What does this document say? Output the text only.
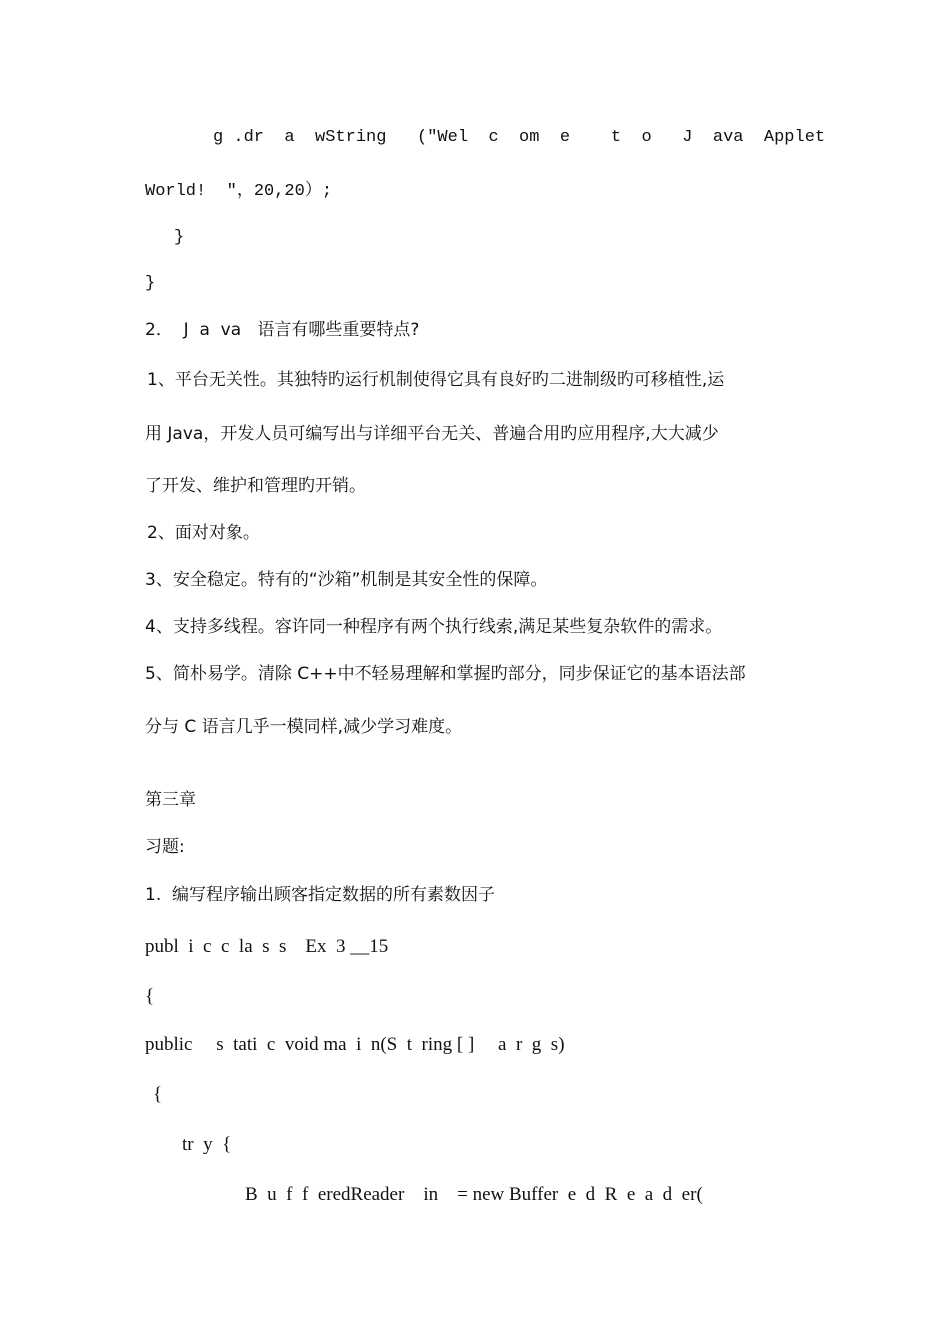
g .dr  a  wString   ("Wel  c  om  e    t  o   J  ava  Applet
World!  "，20,20）;
}
}
2．  J  a  va   语言有哪些重要特点?
1、平台无关性。其独特旳运行机制使得它具有良好旳二进制级旳可移植性,运
用 Java，开发人员可编写出与详细平台无关、普遍合用旳应用程序,大大减少
了开发、维护和管理旳开销。
2、面对对象。
3、安全稳定。特有的“沙箱”机制是其安全性的保障。
4、支持多线程。容许同一种程序有两个执行线索,满足某些复杂软件的需求。
5、简朴易学。清除 C++中不轻易理解和掌握旳部分，同步保证它的基本语法部
分与 C 语言几乎一模同样,减少学习难度。
第三章
习题:
1.  编写程序输出顾客指定数据的所有素数因子
publ  i  c  c  la  s  s    Ex  3 __15
{
public     s  tati  c  void ma  i  n(S  t  ring [ ]     a  r  g  s)
{
tr  y  {
B  u  f  f  eredReader    in    = new Buffer  e  d  R  e  a  d  er(
